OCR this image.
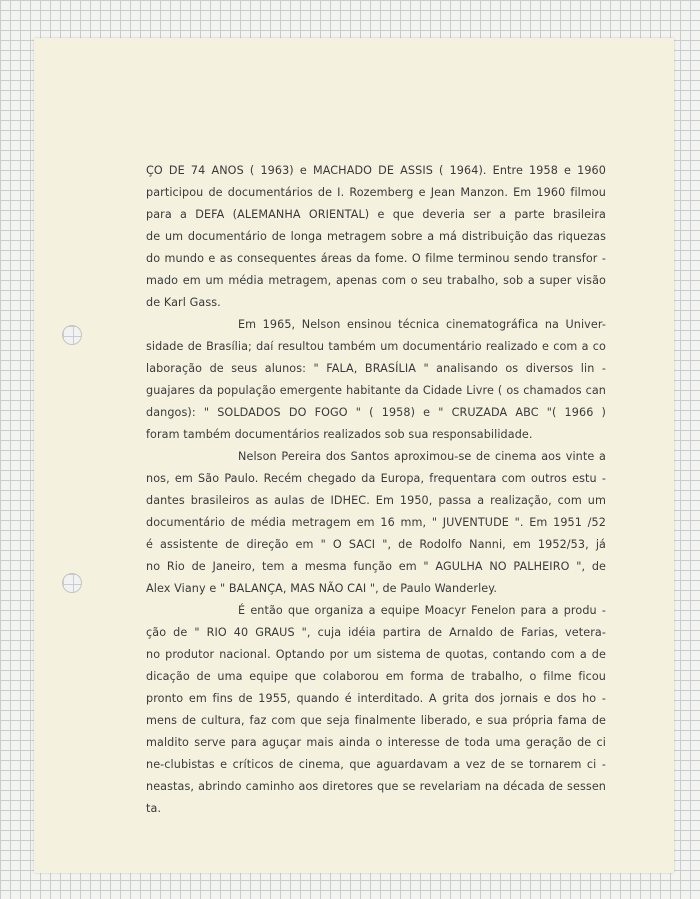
ÇO DE 74 ANOS ( 1963) e MACHADO DE ASSIS ( 1964). Entre 1958 e 1960
participou de documentários de I. Rozemberg e Jean Manzon. Em 1960 filmou
para a DEFA (ALEMANHA ORIENTAL) e que deveria ser a parte brasileira
de um documentário de longa metragem sobre a má distribuição das riquezas
do mundo e as consequentes áreas da fome. O filme terminou sendo transfor -
mado em um média metragem, apenas com o seu trabalho, sob a super visão
de Karl Gass.
Em 1965, Nelson ensinou técnica cinematográfica na Univer-
sidade de Brasília; daí resultou também um documentário realizado e com a co
laboração de seus alunos: " FALA, BRASÍLIA " analisando os diversos lin -
guajares da população emergente habitante da Cidade Livre ( os chamados can
dangos): " SOLDADOS DO FOGO " ( 1958) e " CRUZADA ABC "( 1966 )
foram também documentários realizados sob sua responsabilidade.
Nelson Pereira dos Santos aproximou-se de cinema aos vinte a
nos, em São Paulo. Recém chegado da Europa, frequentara com outros estu -
dantes brasileiros as aulas de IDHEC. Em 1950, passa a realização, com um
documentário de média metragem em 16 mm, " JUVENTUDE ". Em 1951 /52
é assistente de direção em " O SACI ", de Rodolfo Nanni, em 1952/53, já
no Rio de Janeiro, tem a mesma função em " AGULHA NO PALHEIRO ", de
Alex Viany e " BALANÇA, MAS NÃO CAI ", de Paulo Wanderley.
É então que organiza a equipe Moacyr Fenelon para a produ -
ção de " RIO 40 GRAUS ", cuja idéia partira de Arnaldo de Farias, vetera-
no produtor nacional. Optando por um sistema de quotas, contando com a de
dicação de uma equipe que colaborou em forma de trabalho, o filme ficou
pronto em fins de 1955, quando é interditado. A grita dos jornais e dos ho -
mens de cultura, faz com que seja finalmente liberado, e sua própria fama de
maldito serve para aguçar mais ainda o interesse de toda uma geração de ci
ne-clubistas e críticos de cinema, que aguardavam a vez de se tornarem ci -
neastas, abrindo caminho aos diretores que se revelariam na década de sessen
ta.
